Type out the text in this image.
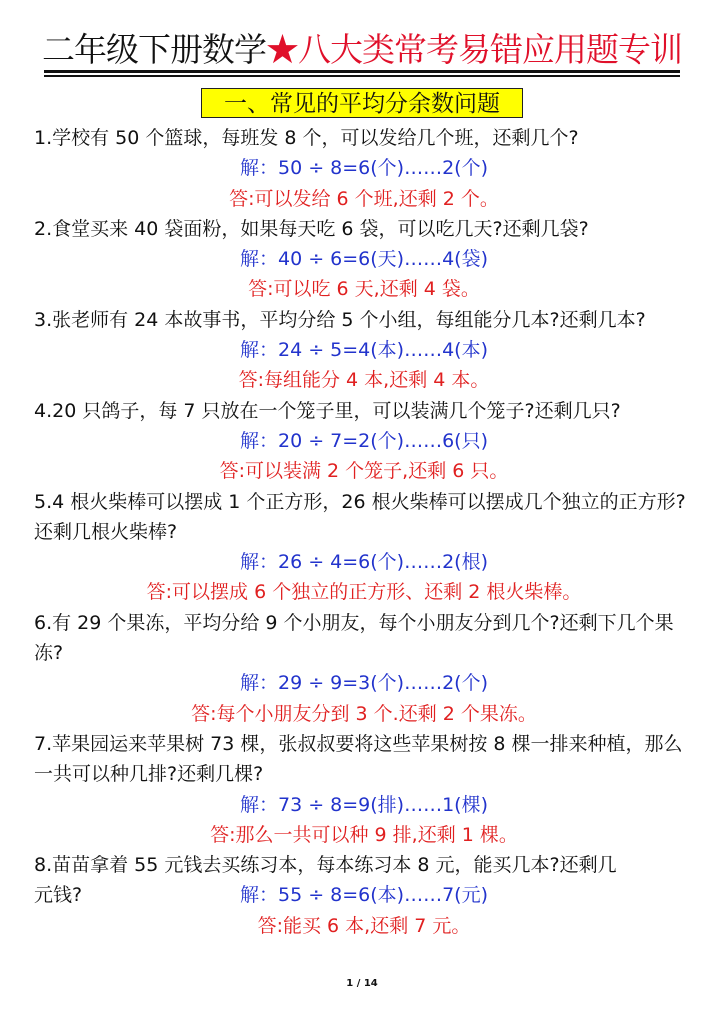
二年级下册数学★八大类常考易错应用题专训
一、常见的平均分余数问题

1.学校有 50 个篮球，每班发 8 个，可以发给几个班，还剩几个?

解：50 ÷ 8=6(个)……2(个)

答:可以发给 6 个班,还剩 2 个。

2.食堂买来 40 袋面粉，如果每天吃 6 袋，可以吃几天?还剩几袋?

解：40 ÷ 6=6(天)……4(袋)

答:可以吃 6 天,还剩 4 袋。

3.张老师有 24 本故事书，平均分给 5 个小组，每组能分几本?还剩几本?

解：24 ÷ 5=4(本)……4(本)

答:每组能分 4 本,还剩 4 本。

4.20 只鸽子，每 7 只放在一个笼子里，可以装满几个笼子?还剩几只?

解：20 ÷ 7=2(个)……6(只)

答:可以装满 2 个笼子,还剩 6 只。

5.4 根火柴棒可以摆成 1 个正方形，26 根火柴棒可以摆成几个独立的正方形?还剩几根火柴棒?

解：26 ÷ 4=6(个)……2(根)

答:可以摆成 6 个独立的正方形、还剩 2 根火柴棒。

6.有 29 个果冻，平均分给 9 个小朋友，每个小朋友分到几个?还剩下几个果冻?

解：29 ÷ 9=3(个)……2(个)

答:每个小朋友分到 3 个.还剩 2 个果冻。

7.苹果园运来苹果树 73 棵，张叔叔要将这些苹果树按 8 棵一排来种植，那么一共可以种几排?还剩几棵?

解：73 ÷ 8=9(排)……1(棵)

答:那么一共可以种 9 排,还剩 1 棵。

8.苗苗拿着 55 元钱去买练习本，每本练习本 8 元，能买几本?还剩几

元钱?	解：55 ÷ 8=6(本)……7(元)

答:能买 6 本,还剩 7 元。

1 / 14
